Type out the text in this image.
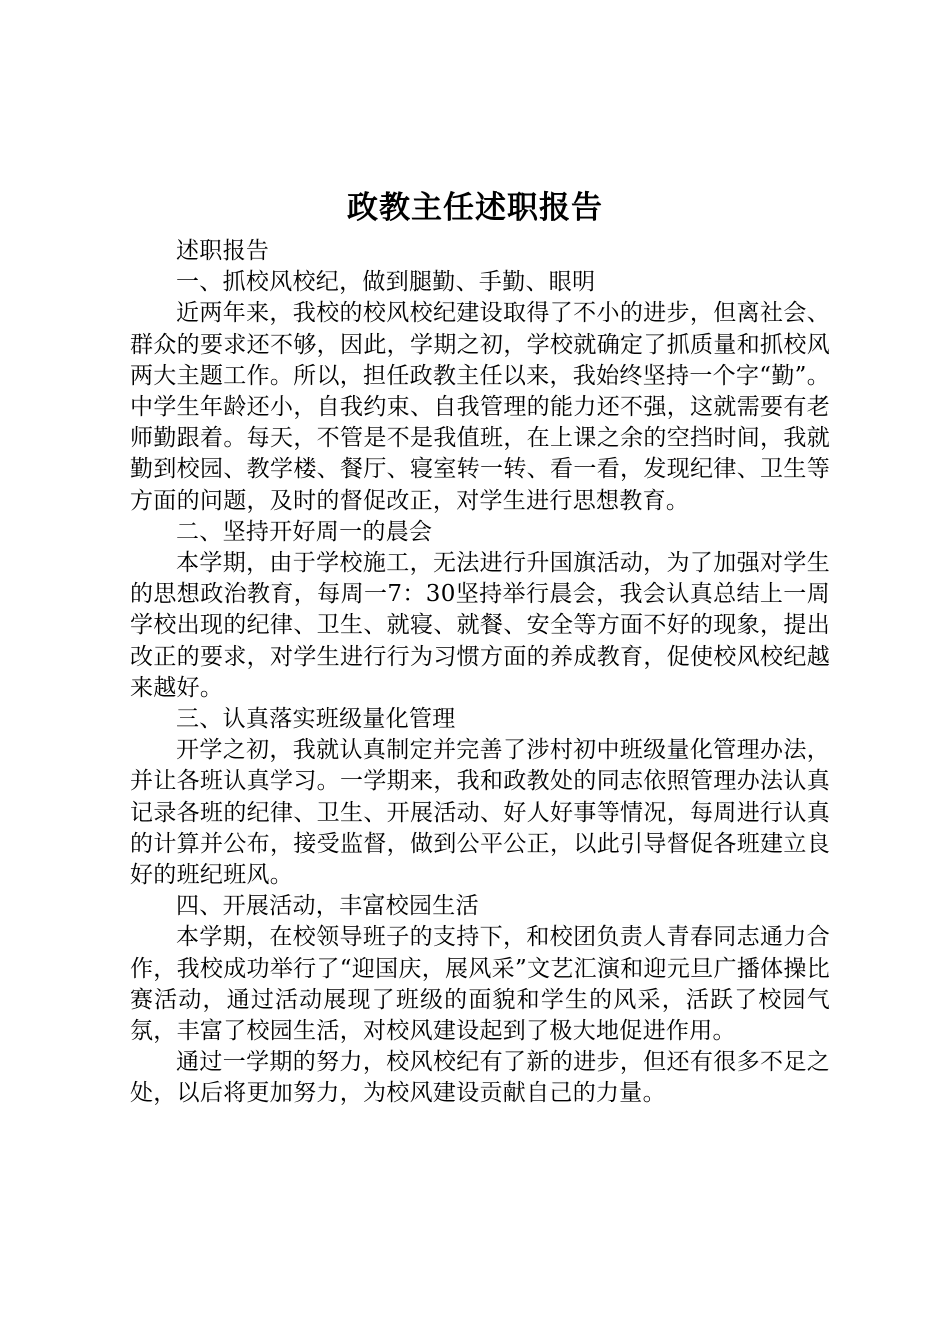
政教主任述职报告

述职报告

一、抓校风校纪，做到腿勤、手勤、眼明

近两年来，我校的校风校纪建设取得了不小的进步，但离社会、群众的要求还不够，因此，学期之初，学校就确定了抓质量和抓校风两大主题工作。所以，担任政教主任以来，我始终坚持一个字“勤”。中学生年龄还小，自我约束、自我管理的能力还不强，这就需要有老师勤跟着。每天，不管是不是我值班，在上课之余的空挡时间，我就勤到校园、教学楼、餐厅、寝室转一转、看一看，发现纪律、卫生等方面的问题，及时的督促改正，对学生进行思想教育。

二、坚持开好周一的晨会

本学期，由于学校施工，无法进行升国旗活动，为了加强对学生的思想政治教育，每周一7：30坚持举行晨会，我会认真总结上一周学校出现的纪律、卫生、就寝、就餐、安全等方面不好的现象，提出改正的要求，对学生进行行为习惯方面的养成教育，促使校风校纪越来越好。

三、认真落实班级量化管理

开学之初，我就认真制定并完善了涉村初中班级量化管理办法，并让各班认真学习。一学期来，我和政教处的同志依照管理办法认真记录各班的纪律、卫生、开展活动、好人好事等情况，每周进行认真的计算并公布，接受监督，做到公平公正，以此引导督促各班建立良好的班纪班风。

四、开展活动，丰富校园生活

本学期，在校领导班子的支持下，和校团负责人青春同志通力合作，我校成功举行了“迎国庆，展风采”文艺汇演和迎元旦广播体操比赛活动，通过活动展现了班级的面貌和学生的风采，活跃了校园气氛，丰富了校园生活，对校风建设起到了极大地促进作用。

通过一学期的努力，校风校纪有了新的进步，但还有很多不足之处，以后将更加努力，为校风建设贡献自己的力量。
